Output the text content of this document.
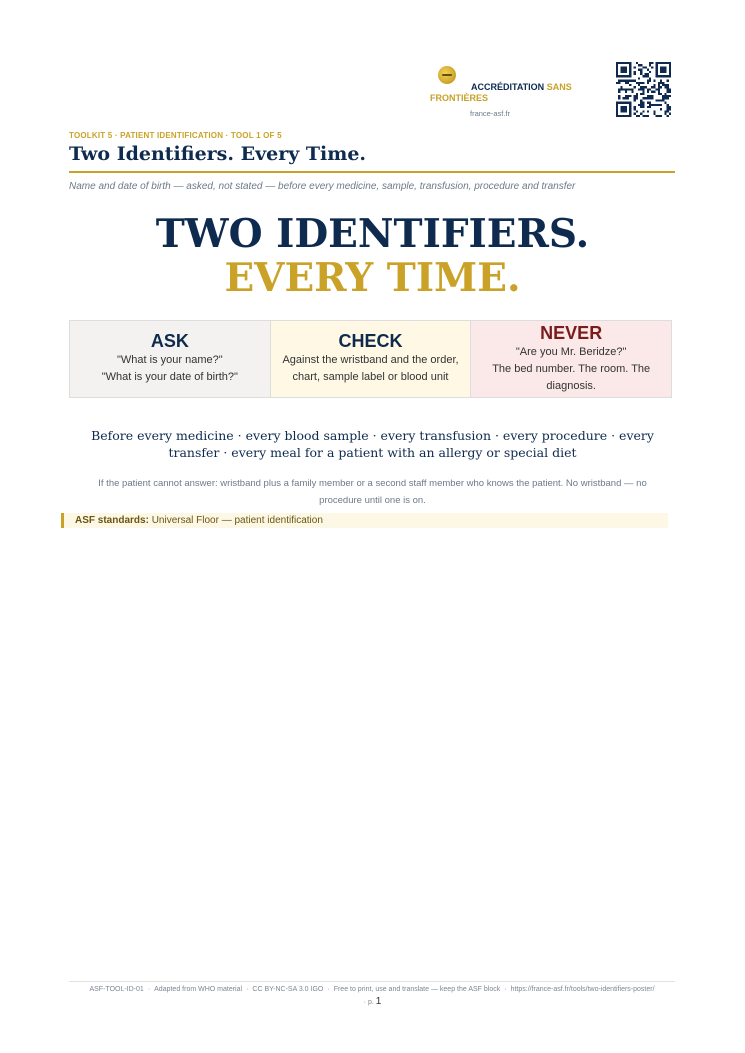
ACCRÉDITATION SANS FRONTIÈRES
france-asf.fr
TOOLKIT 5 · PATIENT IDENTIFICATION · TOOL 1 OF 5
Two Identifiers. Every Time.
Name and date of birth — asked, not stated — before every medicine, sample, transfusion, procedure and transfer
TWO IDENTIFIERS.
EVERY TIME.
ASK
"What is your name?"
"What is your date of birth?"
CHECK
Against the wristband and the order, chart, sample label or blood unit
NEVER
"Are you Mr. Beridze?"
The bed number. The room. The diagnosis.
Before every medicine · every blood sample · every transfusion · every procedure · every transfer · every meal for a patient with an allergy or special diet
If the patient cannot answer: wristband plus a family member or a second staff member who knows the patient. No wristband — no procedure until one is on.
ASF standards: Universal Floor — patient identification
ASF-TOOL-ID-01 · Adapted from WHO material · CC BY-NC-SA 3.0 IGO · Free to print, use and translate — keep the ASF block · https://france-asf.fr/tools/two-identifiers-poster/
· p. 1
